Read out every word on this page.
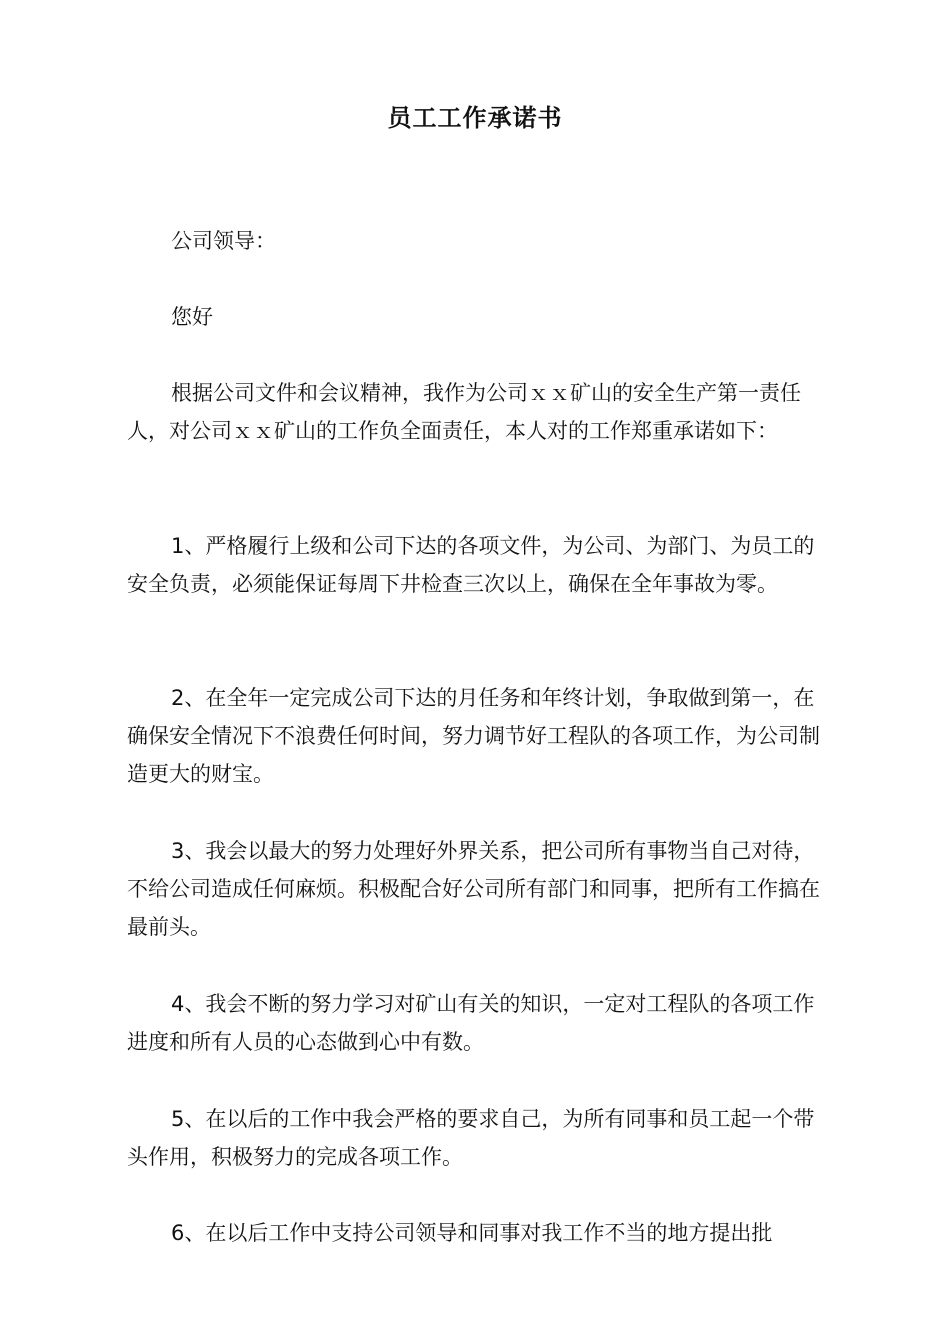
员工工作承诺书

公司领导：

您好

根据公司文件和会议精神，我作为公司ｘｘ矿山的安全生产第一责任人，对公司ｘｘ矿山的工作负全面责任，本人对的工作郑重承诺如下：

1、严格履行上级和公司下达的各项文件，为公司、为部门、为员工的安全负责，必须能保证每周下井检查三次以上，确保在全年事故为零。

2、在全年一定完成公司下达的月任务和年终计划，争取做到第一，在确保安全情况下不浪费任何时间，努力调节好工程队的各项工作，为公司制造更大的财宝。

3、我会以最大的努力处理好外界关系，把公司所有事物当自己对待，不给公司造成任何麻烦。积极配合好公司所有部门和同事，把所有工作搞在最前头。

4、我会不断的努力学习对矿山有关的知识，一定对工程队的各项工作进度和所有人员的心态做到心中有数。

5、在以后的工作中我会严格的要求自己，为所有同事和员工起一个带头作用，积极努力的完成各项工作。

6、在以后工作中支持公司领导和同事对我工作不当的地方提出批
